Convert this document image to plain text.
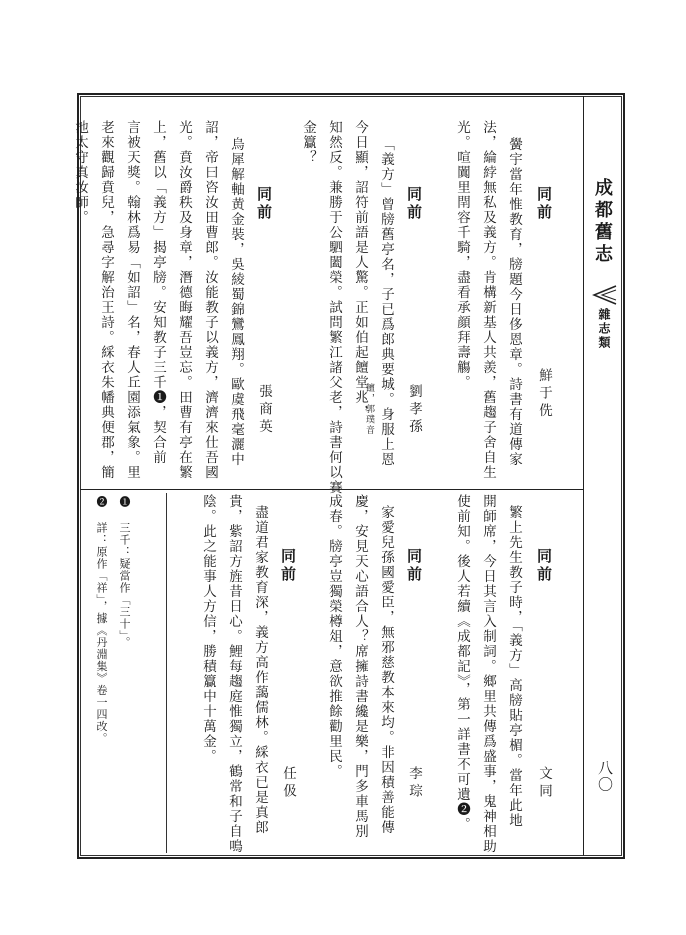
成都舊志
雜志類
八〇
同前
鮮于侁
黌宇當年惟教育，牓題今日侈恩章。詩書有道傳家
法，綸綍無私及義方。肯構新基人共羨，舊趨子舍自生
光。喧闐里閈容千騎，盡看承顔拜壽觴。
同前
劉孝孫
「義方」曾牓舊亭名，子已爲郎典要城。身服上恩
今日顯，詔符前語是人驚。正如伯起饘堂兆，
饘，郭璞音
知然反。兼勝于公駟闔榮。試問繁江諸父老，詩書何以賽
金籯？
同前
張商英
烏犀解軸黄金裝，吳綾蜀錦鸞鳳翔。歐虞飛毫灑中
詔，帝曰咨汝田曹郎。汝能教子以義方，濟濟來仕吾國
光。賁汝爵秩及身章，潛德晦耀吾豈忘。田曹有亭在繁
上，舊以「義方」揭亭牓。安知教子三千❶，契合前
言被天獎。翰林爲易「如詔」名，春人丘園添氣象。里
老來觀歸賁兒，急尋字解治王詩。綵衣朱幡典便郡，簡
池太守真汝師。
同前
文同
繁上先生教子時，「義方」高牓貼亭楣。當年此地
開師席，今日其言入制詞。鄉里共傳爲盛事，鬼神相助
使前知。後人若續《成都記》，第一詳書不可遺❷。
同前
李琮
家愛兒孫國愛臣，無邪慈教本來均。非因積善能傳
慶，安見天心語合人？席擁詩書纔是樂，門多車馬別
成春。牓亭豈獨榮樽俎，意欲推餘勸里民。
同前
任伋
盡道君家教育深，義方高作藹儒林。綵衣已是真郎
貴，紫詔方旌昔日心。鯉每趨庭惟獨立，鶴常和子自鳴
陰。此之能事人方信，勝積籯中十萬金。
❶ 三千：疑當作「三十」。
❷ 詳：原作「祥」，據《丹淵集》卷一四改。
